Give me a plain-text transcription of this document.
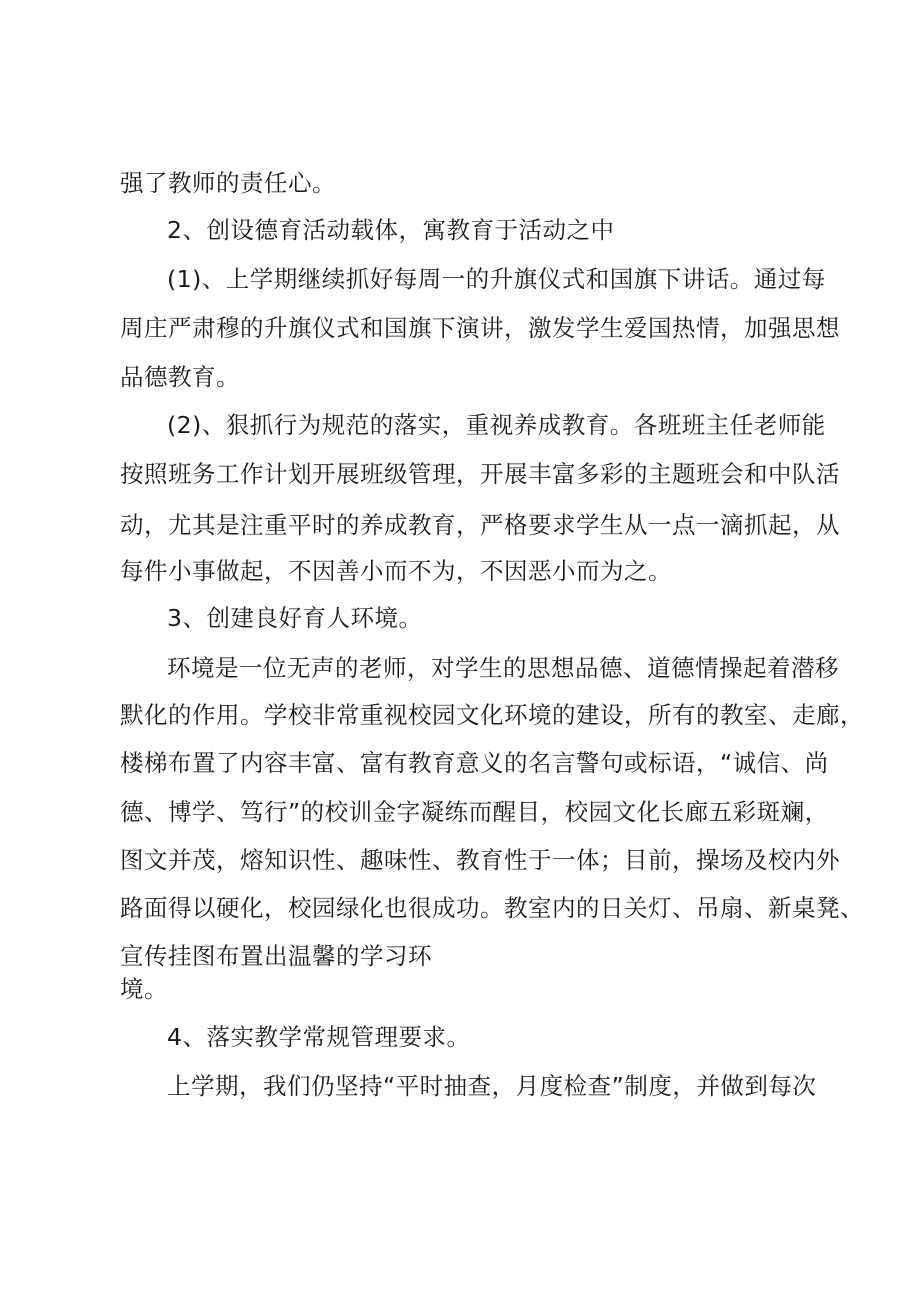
强了教师的责任心。
2、创设德育活动载体，寓教育于活动之中
(1)、上学期继续抓好每周一的升旗仪式和国旗下讲话。通过每
周庄严肃穆的升旗仪式和国旗下演讲，激发学生爱国热情，加强思想
品德教育。
(2)、狠抓行为规范的落实，重视养成教育。各班班主任老师能
按照班务工作计划开展班级管理，开展丰富多彩的主题班会和中队活
动，尤其是注重平时的养成教育，严格要求学生从一点一滴抓起，从
每件小事做起，不因善小而不为，不因恶小而为之。
3、创建良好育人环境。
环境是一位无声的老师，对学生的思想品德、道德情操起着潜移
默化的作用。学校非常重视校园文化环境的建设，所有的教室、走廊，
楼梯布置了内容丰富、富有教育意义的名言警句或标语，“诚信、尚
德、博学、笃行”的校训金字凝练而醒目，校园文化长廊五彩斑斓，
图文并茂，熔知识性、趣味性、教育性于一体；目前，操场及校内外
路面得以硬化，校园绿化也很成功。教室内的日关灯、吊扇、新桌凳、
宣传挂图布置出温馨的学习环
境。
4、落实教学常规管理要求。
上学期，我们仍坚持“平时抽查，月度检查”制度，并做到每次
